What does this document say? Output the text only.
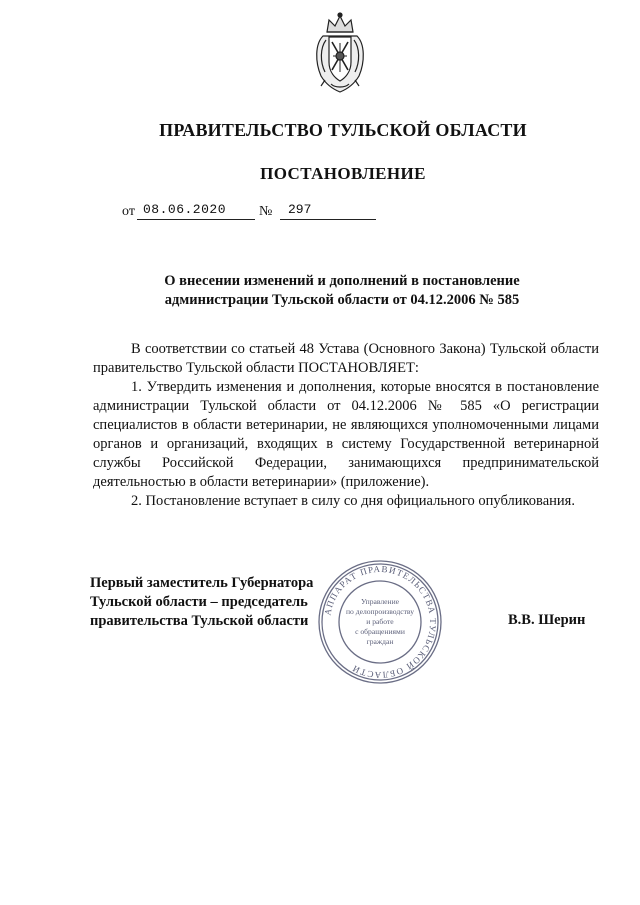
ПРАВИТЕЛЬСТВО ТУЛЬСКОЙ ОБЛАСТИ
ПОСТАНОВЛЕНИЕ
от 08.06.2020	№	297
О внесении изменений и дополнений в постановление
администрации Тульской области от 04.12.2006 № 585

В соответствии со статьей 48 Устава (Основного Закона) Тульской области правительство Тульской области ПОСТАНОВЛЯЕТ:

1. Утвердить изменения и дополнения, которые вносятся в постановление администрации Тульской области от 04.12.2006 № 585 «О регистрации специалистов в области ветеринарии, не являющихся уполномоченными лицами органов и организаций, входящих в систему Государственной ветеринарной службы Российской Федерации, занимающихся предпринимательской деятельностью в области ветеринарии» (приложение).

2. Постановление вступает в силу со дня официального опубликования.

Первый заместитель Губернатора
Тульской области – председатель
правительства Тульской области
АППАРАТ ПРАВИТЕЛЬСТВА ТУЛЬСКОЙ ОБЛАСТИ
Управление
по делопроизводству
и работе
с обращениями
граждан
В.В. Шерин
